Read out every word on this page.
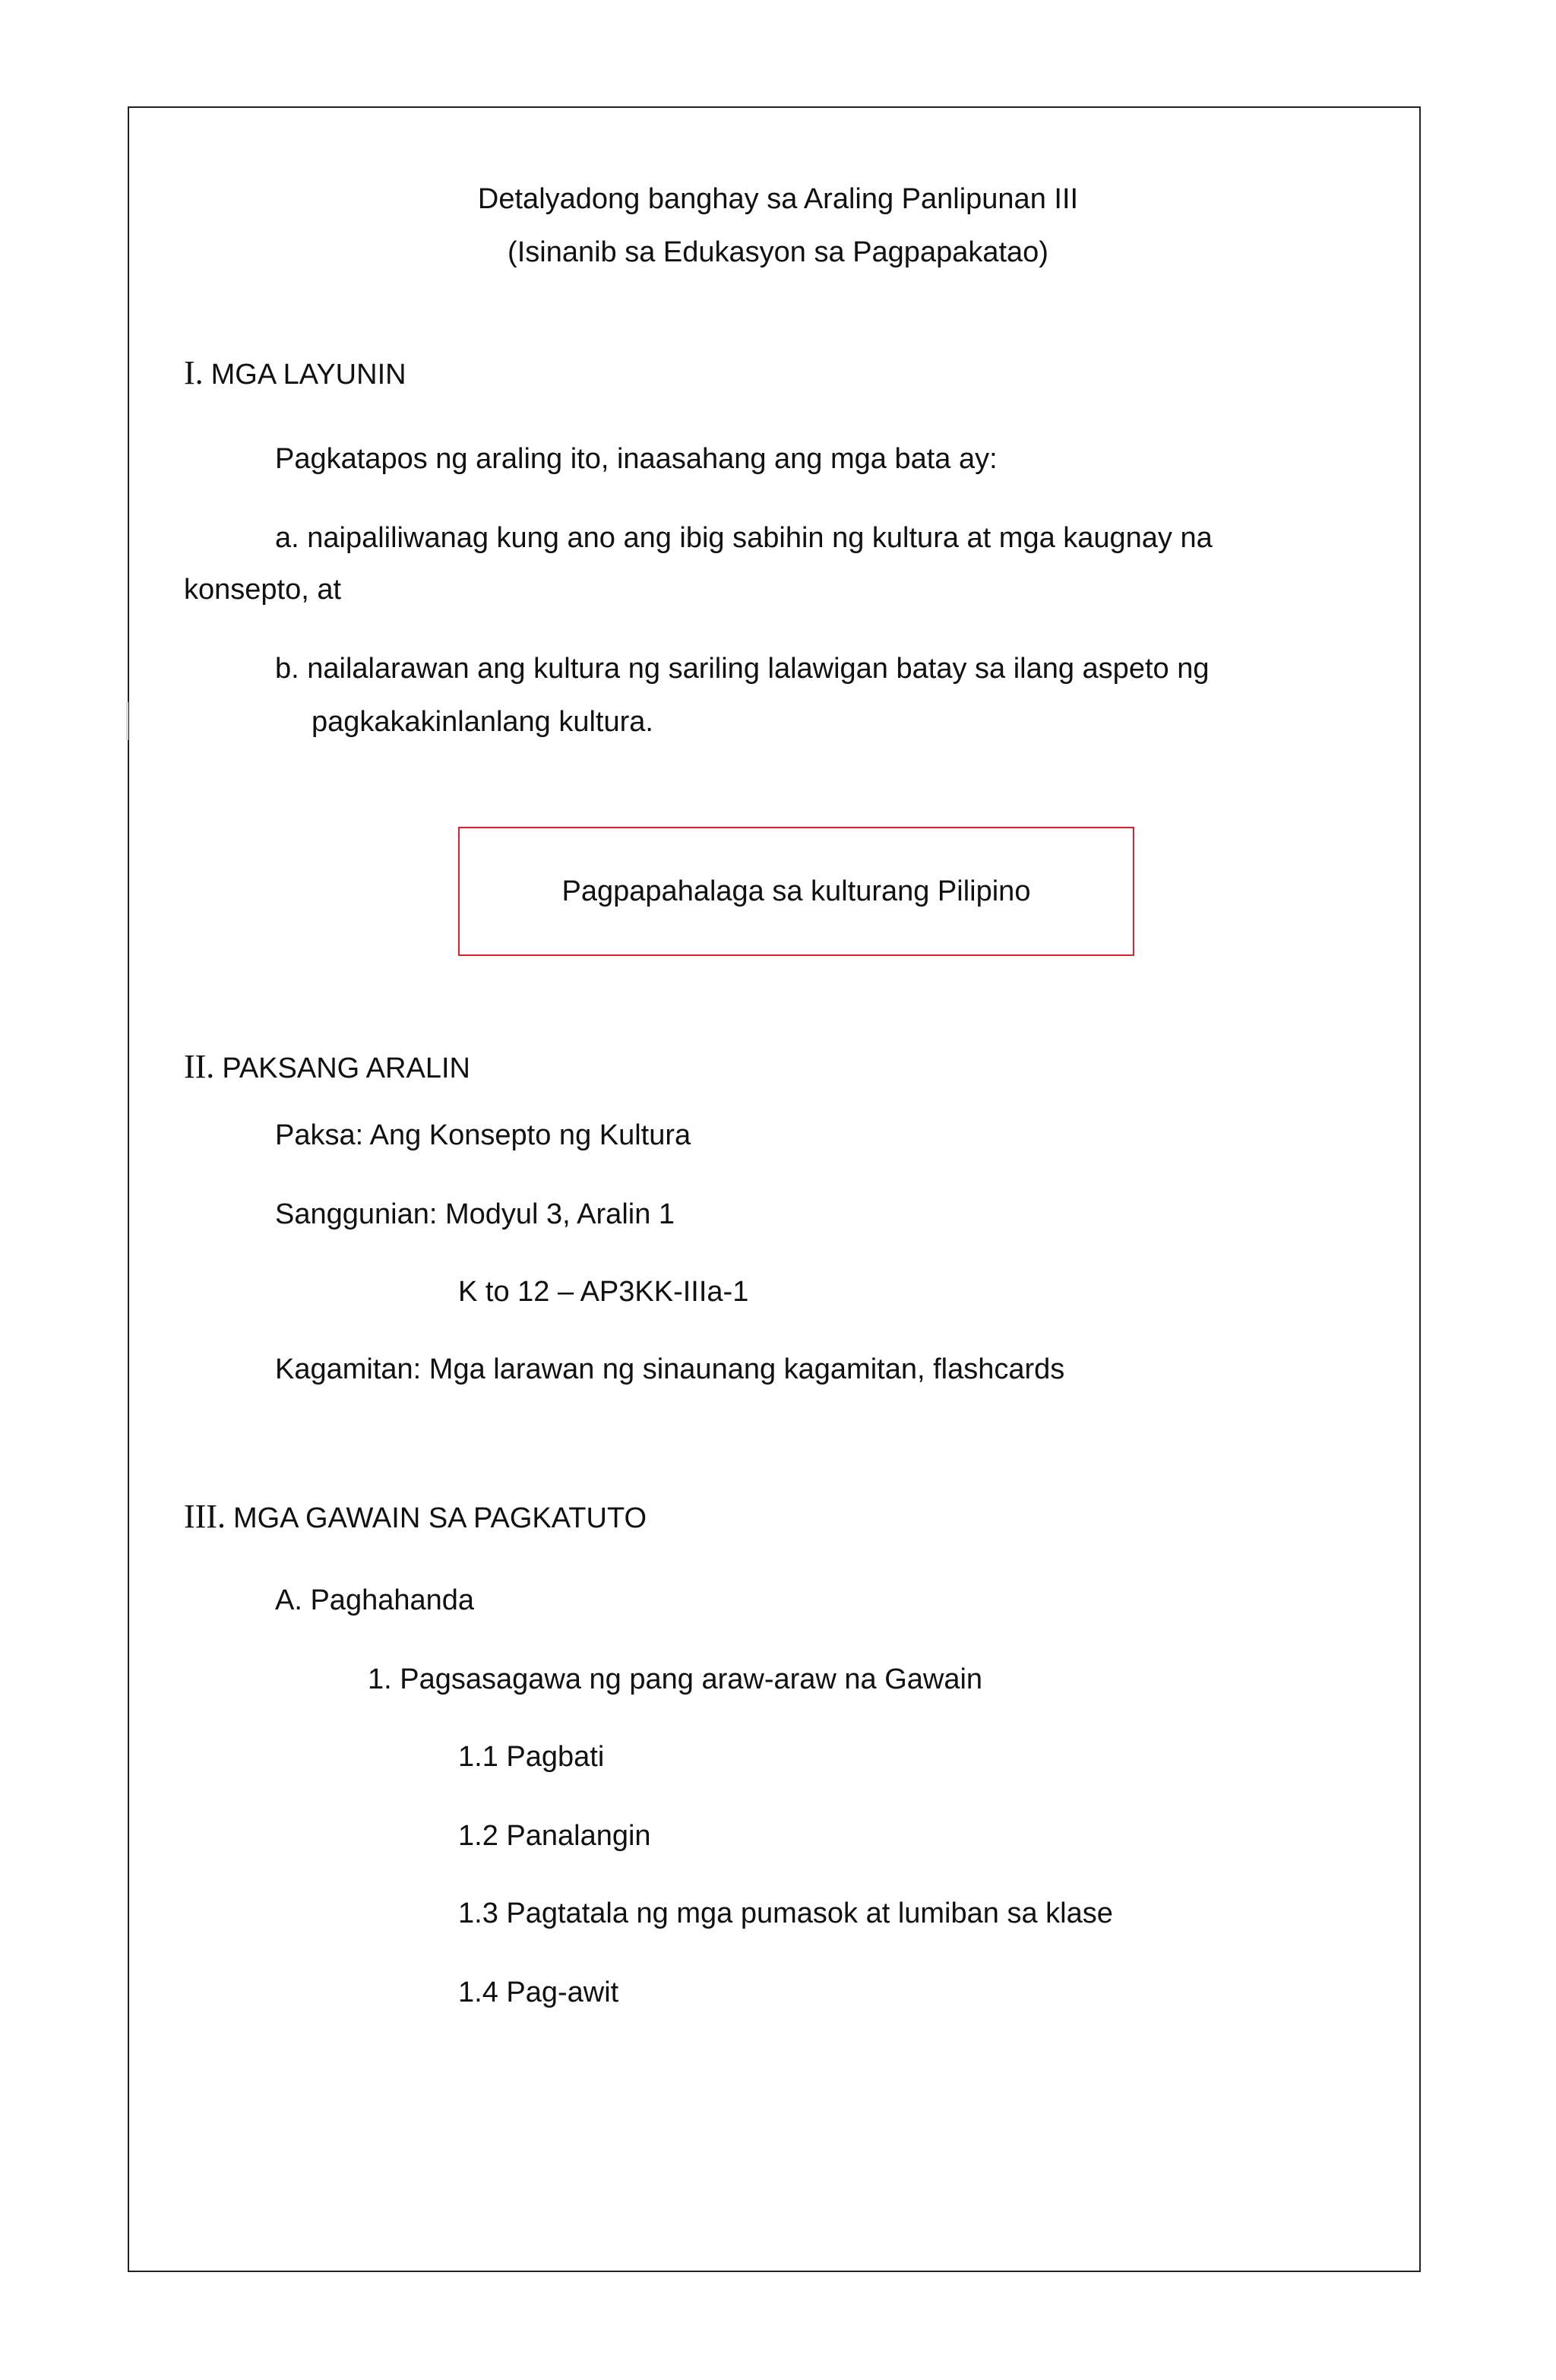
Detalyadong banghay sa Araling Panlipunan III
(Isinanib sa Edukasyon sa Pagpapakatao)
I. MGA LAYUNIN
Pagkatapos ng araling ito, inaasahang ang mga bata ay:
a. naipaliliwanag kung ano ang ibig sabihin ng kultura at mga kaugnay na
konsepto, at
b. nailalarawan ang kultura ng sariling lalawigan batay sa ilang aspeto ng
pagkakakinlanlang kultura.
Pagpapahalaga sa kulturang Pilipino
II. PAKSANG ARALIN
Paksa: Ang Konsepto ng Kultura
Sanggunian: Modyul 3, Aralin 1
K to 12 – AP3KK-IIIa-1
Kagamitan: Mga larawan ng sinaunang kagamitan, flashcards
III. MGA GAWAIN SA PAGKATUTO
A. Paghahanda
1. Pagsasagawa ng pang araw-araw na Gawain
1.1 Pagbati
1.2 Panalangin
1.3 Pagtatala ng mga pumasok at lumiban sa klase
1.4 Pag-awit
